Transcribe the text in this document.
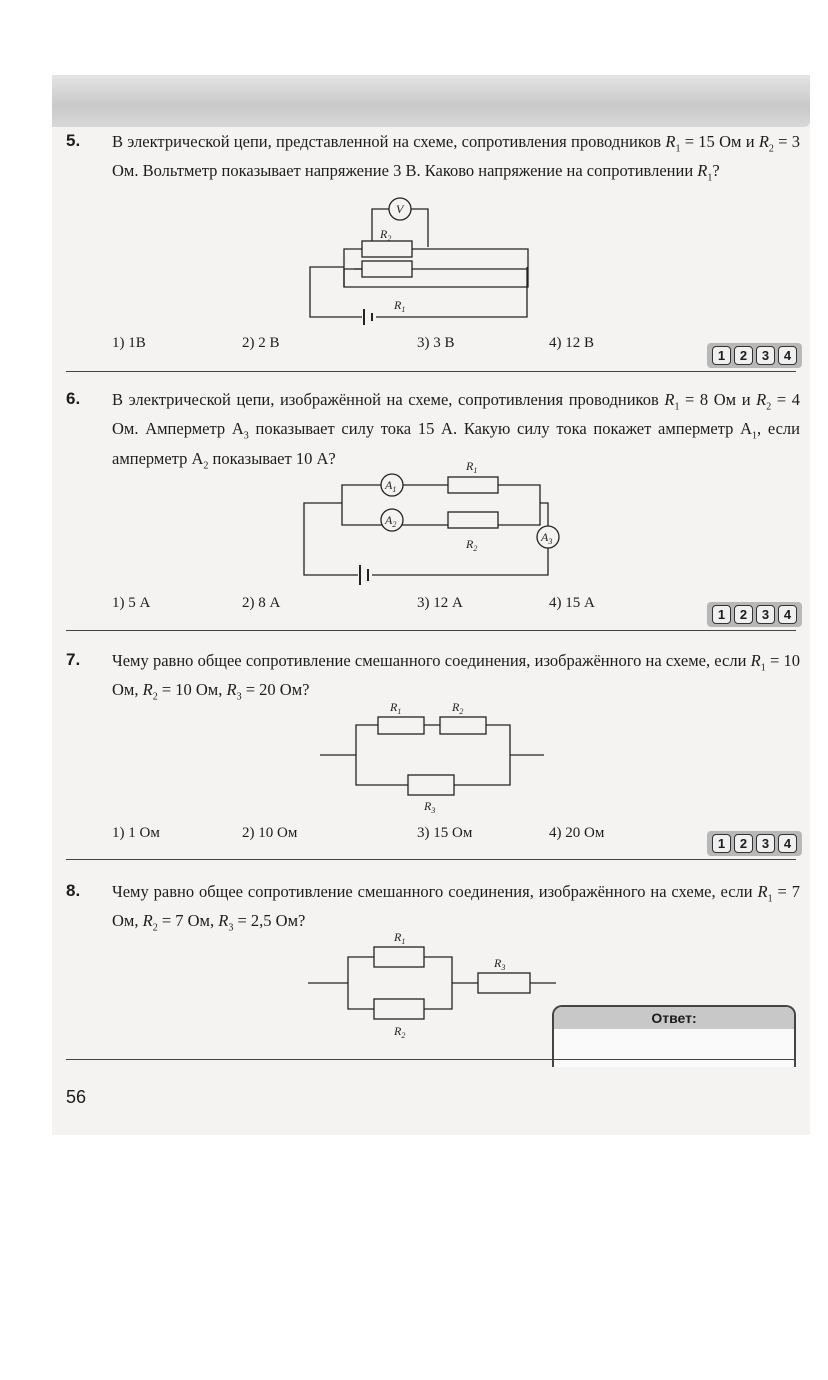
5. В электрической цепи, представленной на схеме, сопротивления проводников $R_1 = 15$ Ом и $R_2 = 3$ Ом. Вольтметр показывает напряжение 3 В. Каково напряжение на сопротивлении $R_1$?
V
$R_2$
$R_1$
1) 1В	2) 2 В	3) 3 В	4) 12 В
1	2	3	4
6. В электрической цепи, изображённой на схеме, сопротивления проводников $R_1 = 8$ Ом и $R_2 = 4$ Ом. Амперметр $А_3$ показывает силу тока 15 А. Какую силу тока покажет амперметр $А_1$, если амперметр $А_2$ показывает 10 А?
$A_1$
$A_2$
$A_3$
$R_1$
$R_2$
1) 5 А	2) 8 А	3) 12 А	4) 15 А
1	2	3	4
7. Чему равно общее сопротивление смешанного соединения, изображённого на схеме, если $R_1 = 10$ Ом, $R_2 = 10$ Ом, $R_3 = 20$ Ом?
$R_1$	$R_2$
$R_3$
1) 1 Ом	2) 10 Ом	3) 15 Ом	4) 20 Ом
1	2	3	4
8. Чему равно общее сопротивление смешанного соединения, изображённого на схеме, если $R_1 = 7$ Ом, $R_2 = 7$ Ом, $R_3 = 2,5$ Ом?
$R_1$
$R_3$
$R_2$
Ответ:
56
